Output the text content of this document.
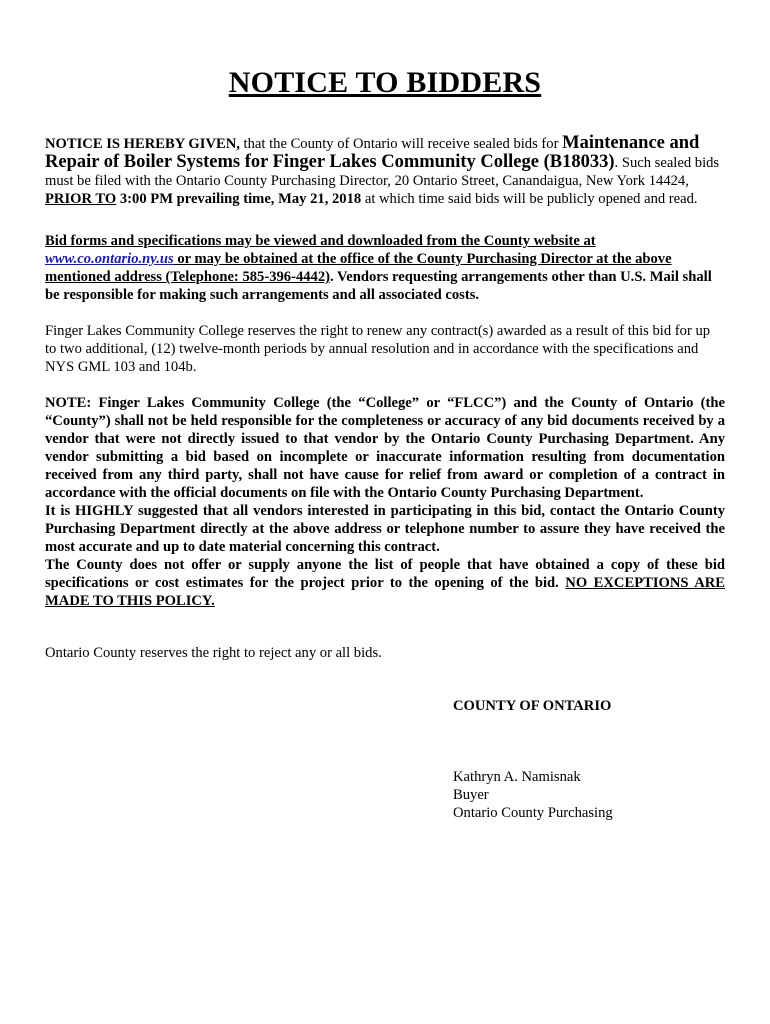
NOTICE TO BIDDERS

NOTICE IS HEREBY GIVEN, that the County of Ontario will receive sealed bids for Maintenance and Repair of Boiler Systems for Finger Lakes Community College (B18033). Such sealed bids must be filed with the Ontario County Purchasing Director, 20 Ontario Street, Canandaigua, New York 14424, PRIOR TO 3:00 PM prevailing time, May 21, 2018 at which time said bids will be publicly opened and read.

Bid forms and specifications may be viewed and downloaded from the County website at
www.co.ontario.ny.us or may be obtained at the office of the County Purchasing Director at the above mentioned address (Telephone: 585-396-4442). Vendors requesting arrangements other than U.S. Mail shall be responsible for making such arrangements and all associated costs.

Finger Lakes Community College reserves the right to renew any contract(s) awarded as a result of this bid for up to two additional, (12) twelve-month periods by annual resolution and in accordance with the specifications and NYS GML 103 and 104b.

NOTE: Finger Lakes Community College (the “College” or “FLCC”) and the County of Ontario (the “County”) shall not be held responsible for the completeness or accuracy of any bid documents received by a vendor that were not directly issued to that vendor by the Ontario County Purchasing Department. Any vendor submitting a bid based on incomplete or inaccurate information resulting from documentation received from any third party, shall not have cause for relief from award or completion of a contract in accordance with the official documents on file with the Ontario County Purchasing Department.
It is HIGHLY suggested that all vendors interested in participating in this bid, contact the Ontario County Purchasing Department directly at the above address or telephone number to assure they have received the most accurate and up to date material concerning this contract.
The County does not offer or supply anyone the list of people that have obtained a copy of these bid specifications or cost estimates for the project prior to the opening of the bid. NO EXCEPTIONS ARE MADE TO THIS POLICY.

Ontario County reserves the right to reject any or all bids.

COUNTY OF ONTARIO

Kathryn A. Namisnak

Buyer

Ontario County Purchasing
